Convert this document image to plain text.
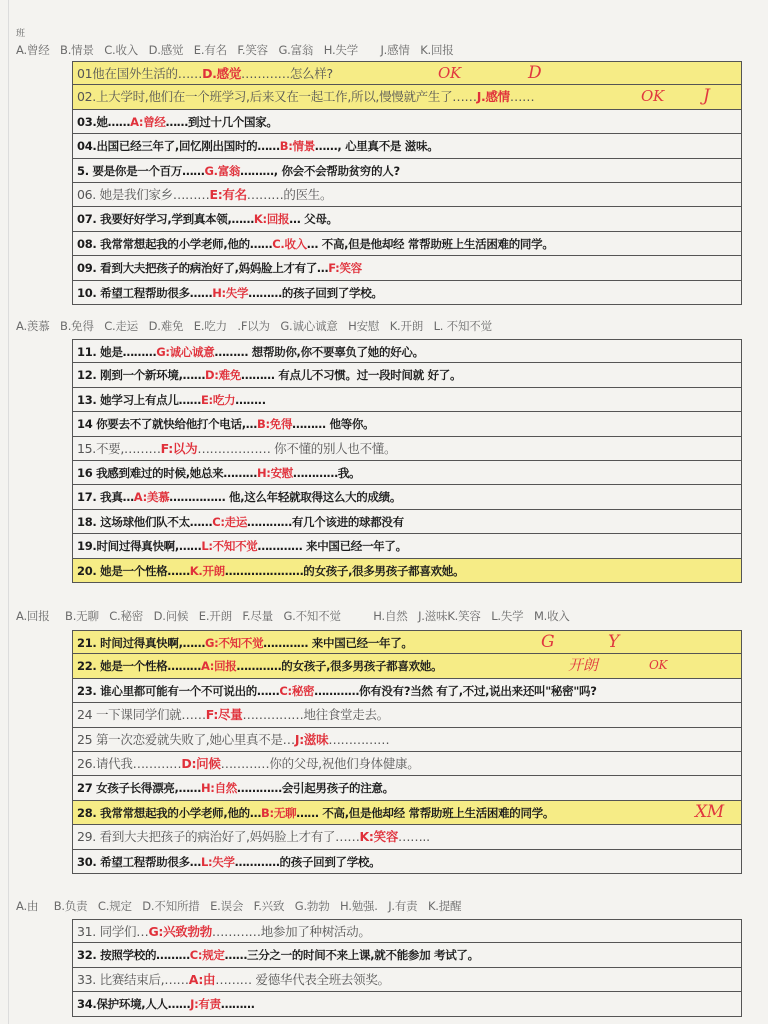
班
A.曾经 B.情景 C.收入 D.感觉 E.有名 F.笑容 G.富翁 H.失学 J.感情 K.回报
01他在国外生活的……D.感觉…………怎么样?	OK	D
02.上大学时,他们在一个班学习,后来又在一起工作,所以,慢慢就产生了……J.感情……	OK J
03.她……A:曾经……到过十几个国家。
04.出国已经三年了,回忆刚出国时的……B:情景……, 心里真不是 滋味。
5. 要是你是一个百万……G.富翁………, 你会不会帮助贫穷的人?
06. 她是我们家乡………E:有名………的医生。
07. 我要好好学习,学到真本领,……K:回报… 父母。
08. 我常常想起我的小学老师,他的……C.收入… 不高,但是他却经 常帮助班上生活困难的同学。
09. 看到大夫把孩子的病治好了,妈妈脸上才有了…F:笑容
10. 希望工程帮助很多……H:失学………的孩子回到了学校。
A.羡慕 B.免得 C.走运 D.难免 E.吃力 .F以为 G.诚心诚意 H安慰 K.开朗 L. 不知不觉
11. 她是………G:诚心诚意……… 想帮助你,你不要辜负了她的好心。
12. 刚到一个新环境,……D:难免……… 有点儿不习惯。过一段时间就 好了。
13. 她学习上有点儿……E:吃力……..
14 你要去不了就快给他打个电话,…B:免得……… 他等你。
15.不要,………F:以为……………… 你不懂的别人也不懂。
16 我感到难过的时候,她总来………H:安慰…………我。
17. 我真…A:美慕…………… 他,这么年轻就取得这么大的成绩。
18. 这场球他们队不太……C:走运…………有几个该进的球都没有
19.时间过得真快啊,……L:不知不觉………… 来中国已经一年了。
20. 她是一个性格……K.开朗…………………的女孩子,很多男孩子都喜欢她。
A.回报 B.无聊 C.秘密 D.问候 E.开朗 F.尽量 G.不知不觉	H.自然 J.滋味K.笑容 L.失学 M.收入
21. 时间过得真快啊,……G:不知不觉………… 来中国已经一年了。	G	Y
22. 她是一个性格………A:回报…………的女孩子,很多男孩子都喜欢她。	开朗	OK
23. 谁心里都可能有一个不可说出的……C:秘密…………你有没有?当然 有了,不过,说出来还叫"秘密"吗?
24 一下课同学们就……F:尽量……………地往食堂走去。
25 第一次恋爱就失败了,她心里真不是…J:滋味……………
26.请代我…………D:问候…………你的父母,祝他们身体健康。
27 女孩子长得漂亮,……H:自然…………会引起男孩子的注意。
28. 我常常想起我的小学老师,他的…B:无聊…… 不高,但是他却经 常帮助班上生活困难的同学。	XM
29. 看到大夫把孩子的病治好了,妈妈脸上才有了……K:笑容……..
30. 希望工程帮助很多…L:失学…………的孩子回到了学校。
A.由 B.负责 C.规定 D.不知所措 E.误会 F.兴致 G.勃勃 H.勉强. J.有责 K.提醒
31. 同学们…G:兴致勃勃…………地参加了种树活动。
32. 按照学校的………C:规定……三分之一的时间不来上课,就不能参加 考试了。
33. 比赛结束后,……A:由……… 爱德华代表全班去领奖。
34.保护环境,人人……J:有责………
